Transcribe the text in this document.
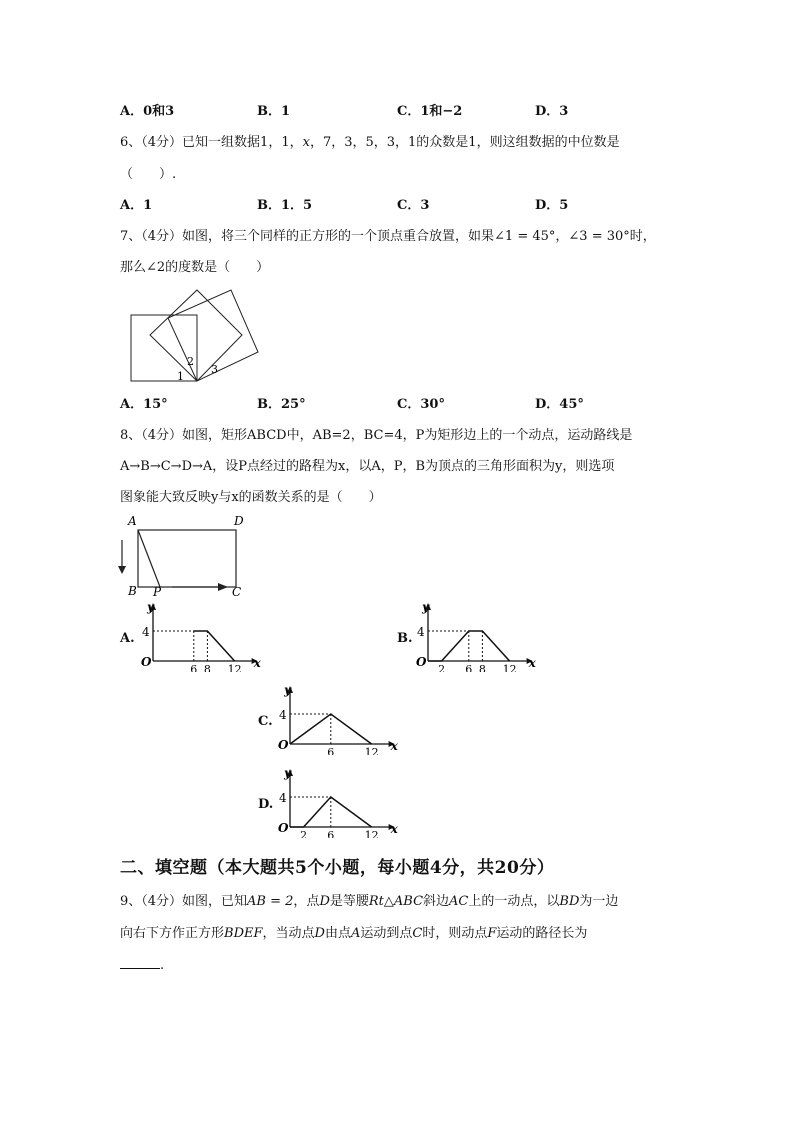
A．0和3	B．1	C．1和−2	D．3
6、（4分）已知一组数据1，1，x，7，3，5，3，1的众数是1，则这组数据的中位数是
（　　）.
A．1	B．1．5	C．3	D．5
7、（4分）如图，将三个同样的正方形的一个顶点重合放置，如果∠1 = 45°，∠3 = 30°时，
那么∠2的度数是（　　）
1
2
3
A．15°	B．25°	C．30°	D．45°
8、（4分）如图，矩形ABCD中，AB=2，BC=4，P为矩形边上的一个动点，运动路线是
A→B→C→D→A，设P点经过的路程为x，以A，P，B为顶点的三角形面积为y，则选项
图象能大致反映y与x的函数关系的是（　　）
A	D
B P	C
A.
y
x
O
4
6 8 12
B.
y
x
O
4
2 6 8 12
C.
y
x
O
4
6	12
D.
y
x
O
4
2 6	12
二、填空题（本大题共5个小题，每小题4分，共20分）
9、（4分）如图，已知AB = 2，点D是等腰Rt△ABC斜边AC上的一动点，以BD为一边
向右下方作正方形BDEF，当动点D由点A运动到点C时，则动点F运动的路径长为
.
